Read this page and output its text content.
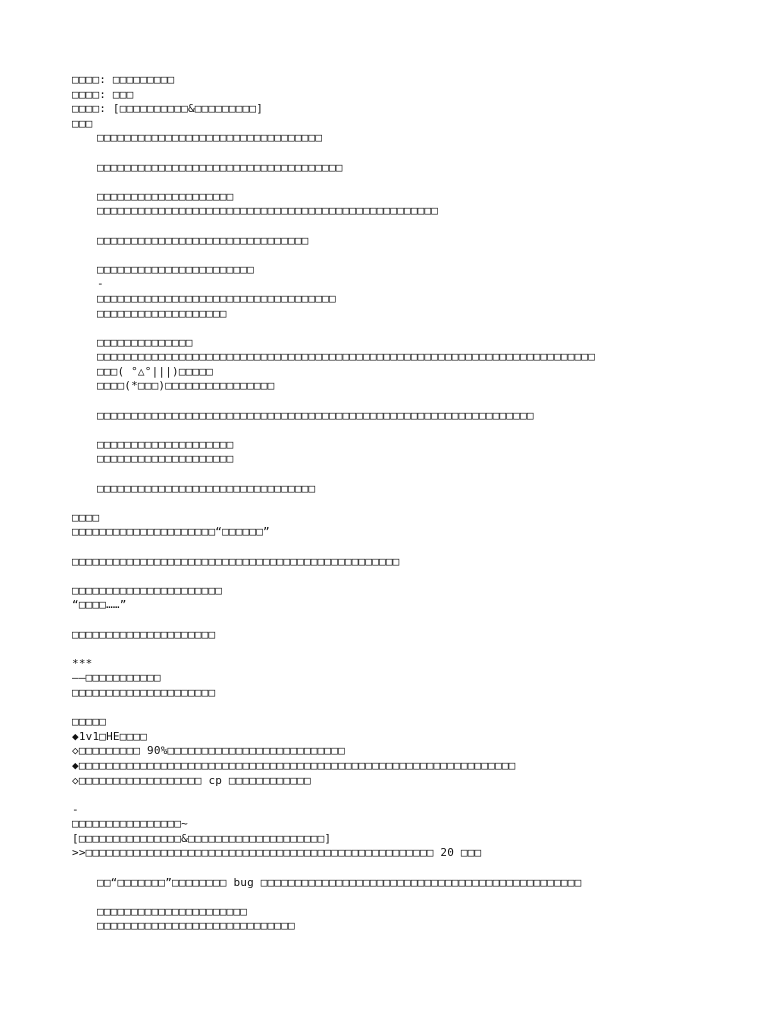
□□□□: □□□□□□□□□
□□□□: □□□
□□□□: [□□□□□□□□□□&□□□□□□□□□]
□□□
□□□□□□□□□□□□□□□□□□□□□□□□□□□□□□□□□
□□□□□□□□□□□□□□□□□□□□□□□□□□□□□□□□□□□□
□□□□□□□□□□□□□□□□□□□□
□□□□□□□□□□□□□□□□□□□□□□□□□□□□□□□□□□□□□□□□□□□□□□□□□□
□□□□□□□□□□□□□□□□□□□□□□□□□□□□□□□
□□□□□□□□□□□□□□□□□□□□□□□
-
□□□□□□□□□□□□□□□□□□□□□□□□□□□□□□□□□□□
□□□□□□□□□□□□□□□□□□□
□□□□□□□□□□□□□□
□□□□□□□□□□□□□□□□□□□□□□□□□□□□□□□□□□□□□□□□□□□□□□□□□□□□□□□□□□□□□□□□□□□□□□□□□
□□□( °△°|||)□□□□□
□□□□(*□□□)□□□□□□□□□□□□□□□□
□□□□□□□□□□□□□□□□□□□□□□□□□□□□□□□□□□□□□□□□□□□□□□□□□□□□□□□□□□□□□□□□
□□□□□□□□□□□□□□□□□□□□
□□□□□□□□□□□□□□□□□□□□
□□□□□□□□□□□□□□□□□□□□□□□□□□□□□□□□
□□□□
□□□□□□□□□□□□□□□□□□□□□“□□□□□□”
□□□□□□□□□□□□□□□□□□□□□□□□□□□□□□□□□□□□□□□□□□□□□□□□
□□□□□□□□□□□□□□□□□□□□□□
“□□□□……”
□□□□□□□□□□□□□□□□□□□□□
***
——□□□□□□□□□□□
□□□□□□□□□□□□□□□□□□□□□
□□□□□
◆1v1□HE□□□□
◇□□□□□□□□□ 90%□□□□□□□□□□□□□□□□□□□□□□□□□□
◆□□□□□□□□□□□□□□□□□□□□□□□□□□□□□□□□□□□□□□□□□□□□□□□□□□□□□□□□□□□□□□□□
◇□□□□□□□□□□□□□□□□□□ cp □□□□□□□□□□□□
-
□□□□□□□□□□□□□□□□~
[□□□□□□□□□□□□□□□&□□□□□□□□□□□□□□□□□□□□]
>>□□□□□□□□□□□□□□□□□□□□□□□□□□□□□□□□□□□□□□□□□□□□□□□□□□□ 20 □□□
□□“□□□□□□□”□□□□□□□□ bug □□□□□□□□□□□□□□□□□□□□□□□□□□□□□□□□□□□□□□□□□□□□□□□
□□□□□□□□□□□□□□□□□□□□□□
□□□□□□□□□□□□□□□□□□□□□□□□□□□□□
